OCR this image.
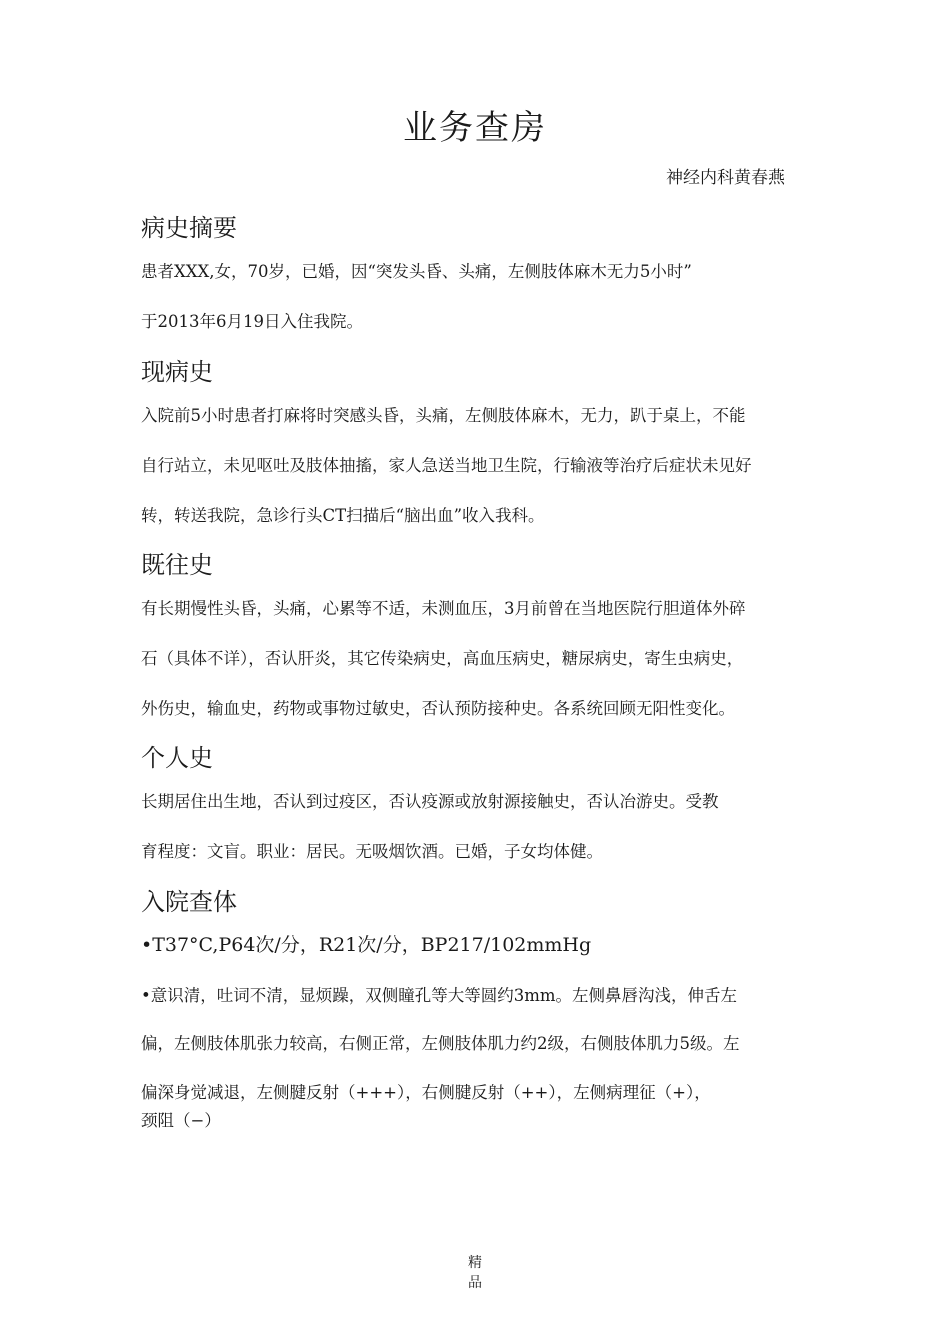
业务查房

神经内科黄春燕

病史摘要

患者XXX,女，70岁，已婚，因“突发头昏、头痛，左侧肢体麻木无力5小时”

于2013年6月19日入住我院。

现病史

入院前5小时患者打麻将时突感头昏，头痛，左侧肢体麻木，无力，趴于桌上，不能

自行站立，未见呕吐及肢体抽搐，家人急送当地卫生院，行输液等治疗后症状未见好

转，转送我院，急诊行头CT扫描后“脑出血”收入我科。

既往史

有长期慢性头昏，头痛，心累等不适，未测血压，3月前曾在当地医院行胆道体外碎

石（具体不详），否认肝炎，其它传染病史，高血压病史，糖尿病史，寄生虫病史，

外伤史，输血史，药物或事物过敏史，否认预防接种史。各系统回顾无阳性变化。

个人史

长期居住出生地，否认到过疫区，否认疫源或放射源接触史，否认冶游史。受教

育程度：文盲。职业：居民。无吸烟饮酒。已婚，子女均体健。

入院查体

•T37°C,P64次/分，R21次/分，BP217/102mmHg

•意识清，吐词不清，显烦躁，双侧瞳孔等大等圆约3mm。左侧鼻唇沟浅，伸舌左

偏，左侧肢体肌张力较高，右侧正常，左侧肢体肌力约2级，右侧肢体肌力5级。左

偏深身觉减退，左侧腱反射（+++），右侧腱反射（++），左侧病理征（+），

颈阻（−）

精

品
